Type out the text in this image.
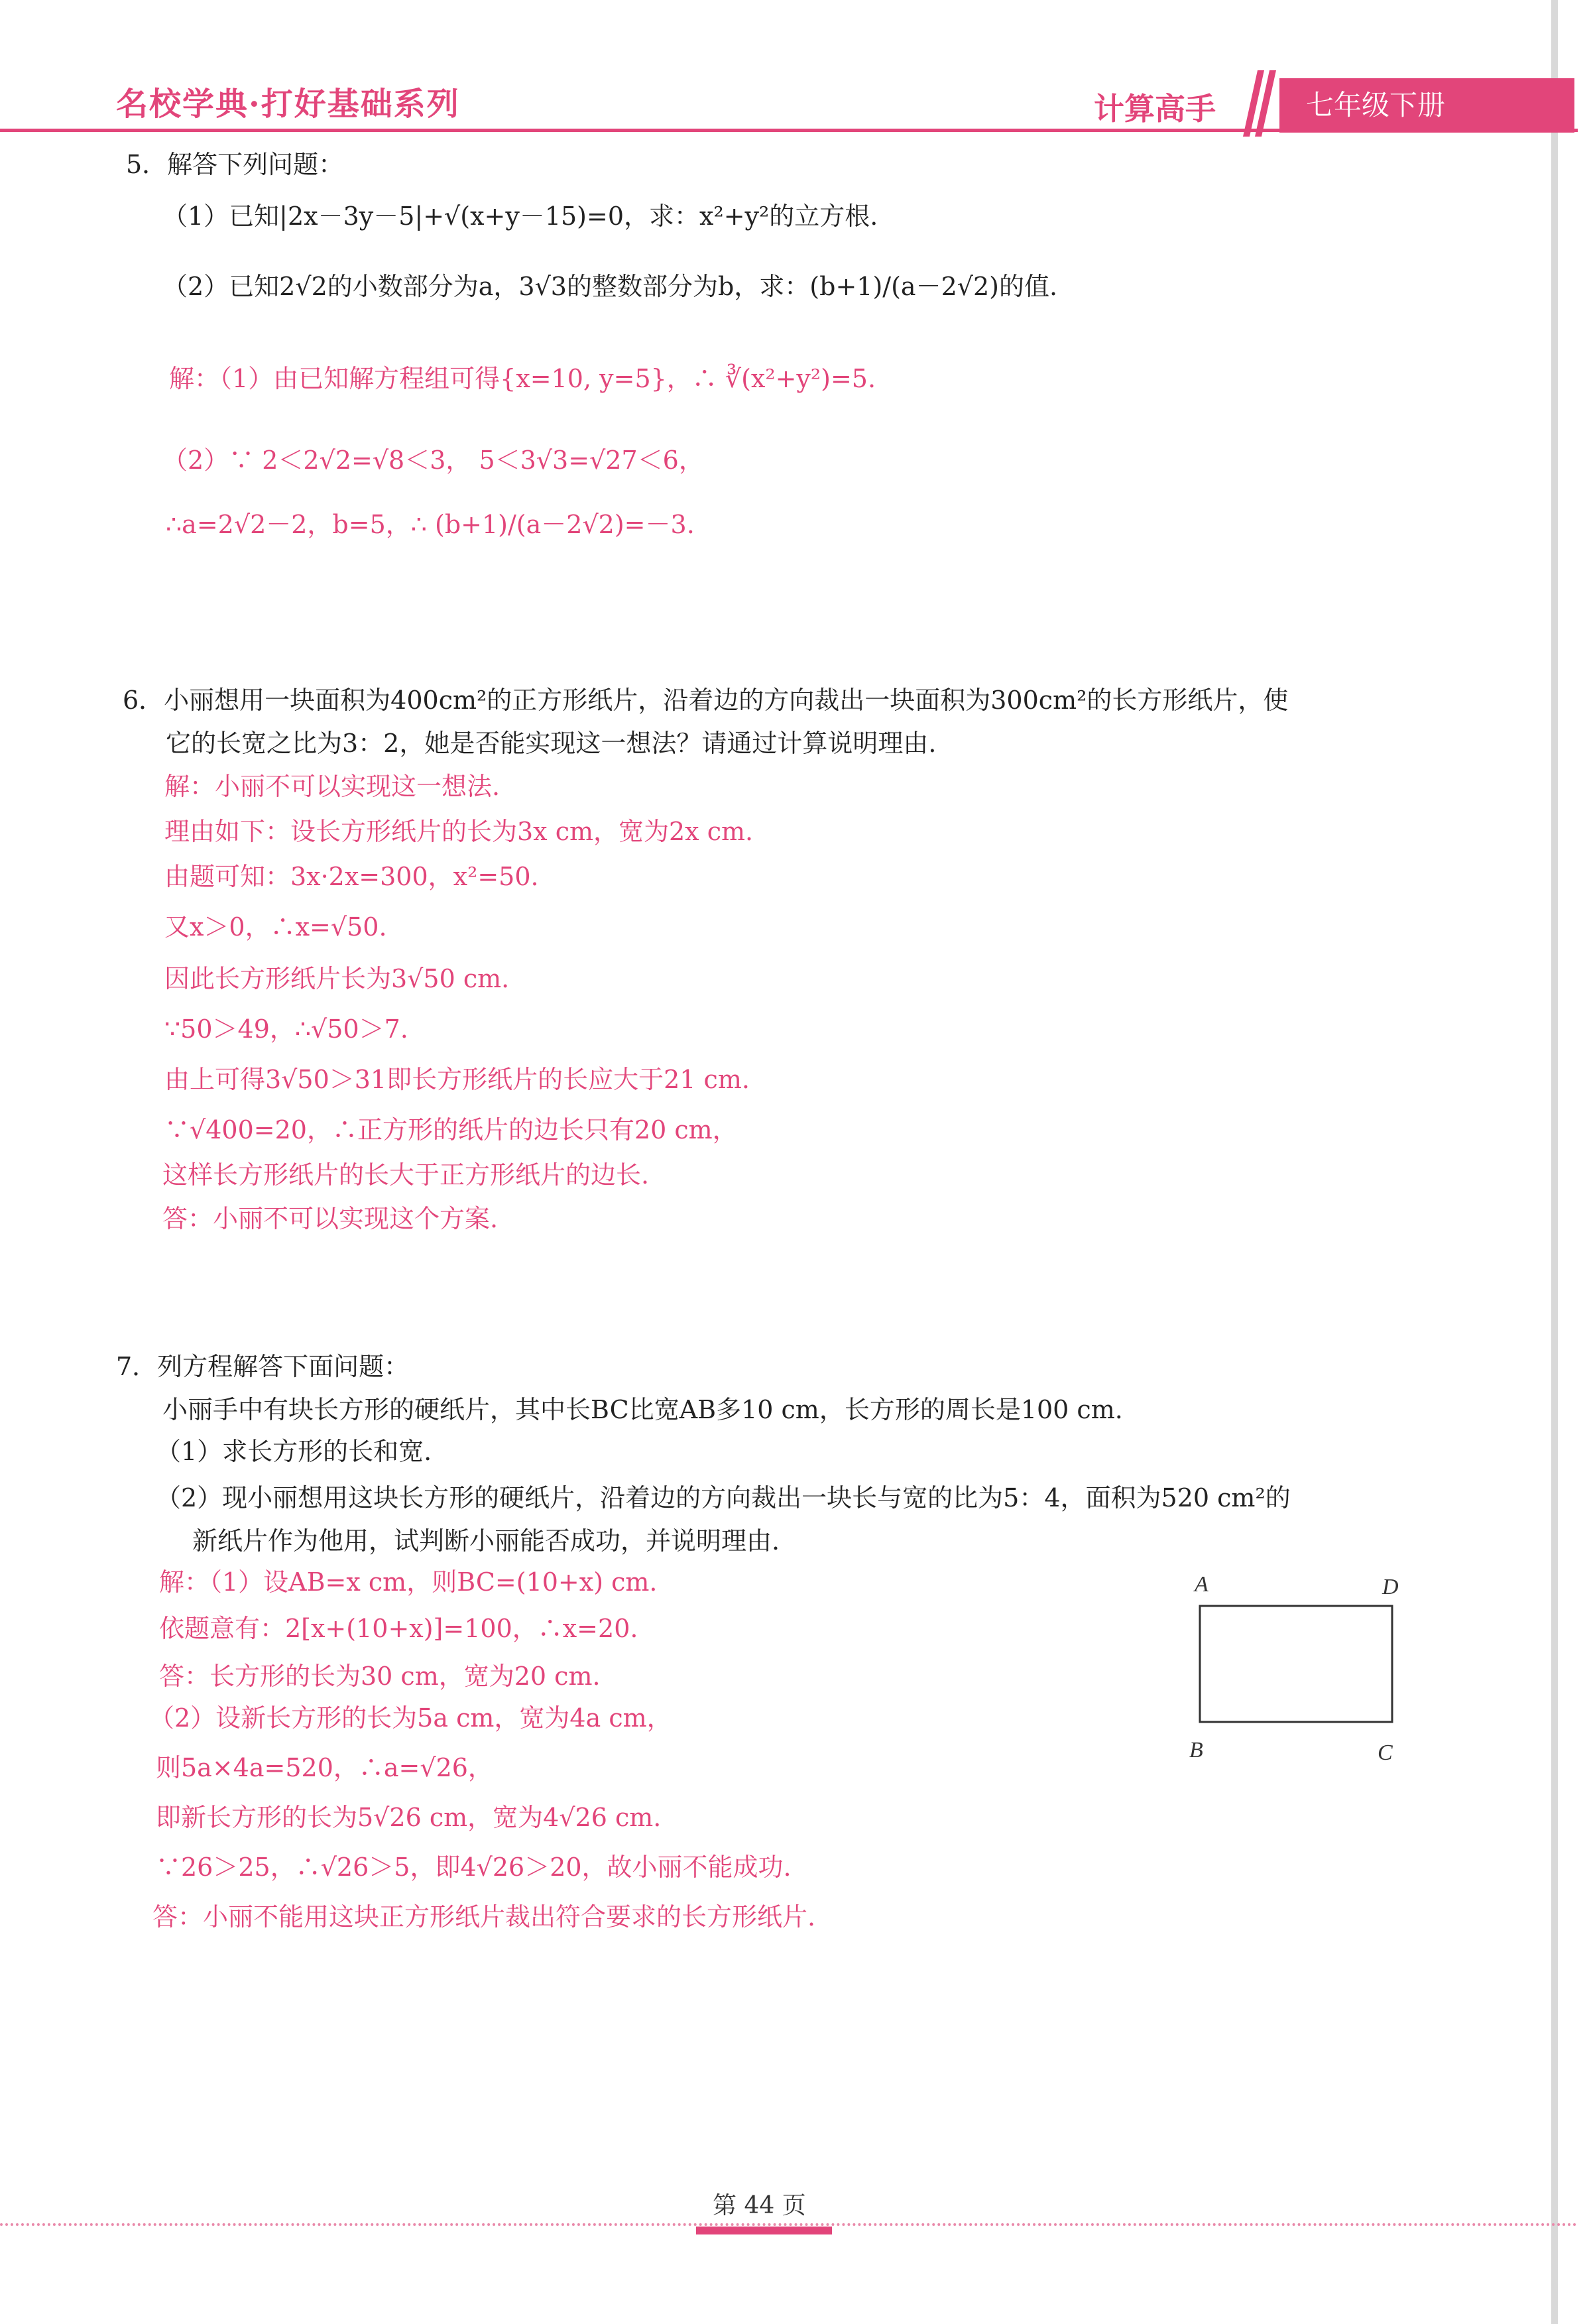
名校学典·打好基础系列	计算高手	七年级下册
5．解答下列问题：
（1）已知|2x－3y－5|+√(x+y－15)=0，求：x²+y²的立方根.
（2）已知2√2的小数部分为a，3√3的整数部分为b，求：(b+1)/(a－2√2)的值.
解：（1）由已知解方程组可得{x=10, y=5}，∴ ∛(x²+y²)=5.
（2）∵ 2＜2√2=√8＜3， 5＜3√3=√27＜6，
∴a=2√2－2，b=5，∴ (b+1)/(a－2√2)=－3.
6．小丽想用一块面积为400cm²的正方形纸片，沿着边的方向裁出一块面积为300cm²的长方形纸片，使
它的长宽之比为3：2，她是否能实现这一想法？请通过计算说明理由.
解：小丽不可以实现这一想法.
理由如下：设长方形纸片的长为3x cm，宽为2x cm.
由题可知：3x·2x=300，x²=50.
又x＞0，∴x=√50.
因此长方形纸片长为3√50 cm.
∵50＞49，∴√50＞7.
由上可得3√50＞31即长方形纸片的长应大于21 cm.
∵√400=20，∴正方形的纸片的边长只有20 cm，
这样长方形纸片的长大于正方形纸片的边长.
答：小丽不可以实现这个方案.
7．列方程解答下面问题：
小丽手中有块长方形的硬纸片，其中长BC比宽AB多10 cm，长方形的周长是100 cm.
（1）求长方形的长和宽.
（2）现小丽想用这块长方形的硬纸片，沿着边的方向裁出一块长与宽的比为5：4，面积为520 cm²的
新纸片作为他用，试判断小丽能否成功，并说明理由.
解：（1）设AB=x cm，则BC=(10+x) cm.
依题意有：2[x+(10+x)]=100，∴x=20.
答：长方形的长为30 cm，宽为20 cm.
（2）设新长方形的长为5a cm，宽为4a cm，
则5a×4a=520，∴a=√26，
即新长方形的长为5√26 cm，宽为4√26 cm.
∵26＞25，∴√26＞5，即4√26＞20，故小丽不能成功.
答：小丽不能用这块正方形纸片裁出符合要求的长方形纸片.
A	D
B	C
第 44 页
